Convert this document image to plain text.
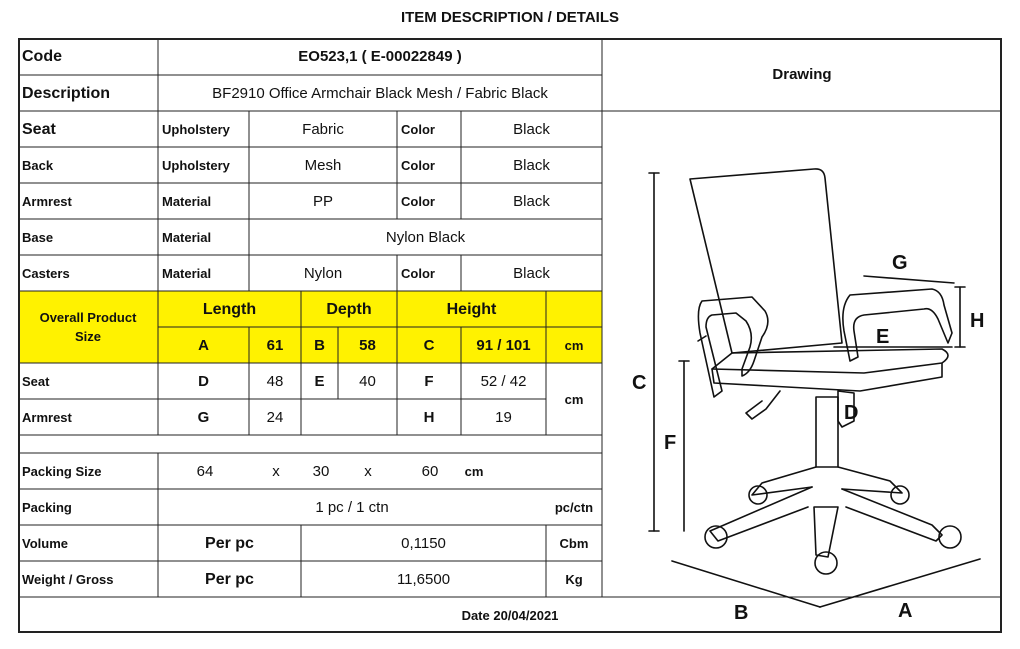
ITEM DESCRIPTION / DETAILS
Code	EO523,1 ( E-00022849 )
Drawing
Description	BF2910 Office Armchair Black Mesh / Fabric Black
Seat	Upholstery	Fabric	Color	Black
Back	Upholstery	Mesh	Color	Black
Armrest	Material	PP	Color	Black
Base	Material	Nylon Black
Casters	Material	Nylon	Color	Black
Overall Product Size
Length	Depth	Height
A	61	B	58	C	91 / 101	cm
Seat	D	48	E	40	F	52 / 42
cm
Armrest	G	24	H	19
Packing Size	64	x	30	x	60	cm
Packing	1 pc / 1 ctn	pc/ctn
Volume	Per pc	0,1150	Cbm
Weight / Gross	Per pc	11,6500	Kg
Date 20/04/2021
C
F
G
H
E
D
B	A
